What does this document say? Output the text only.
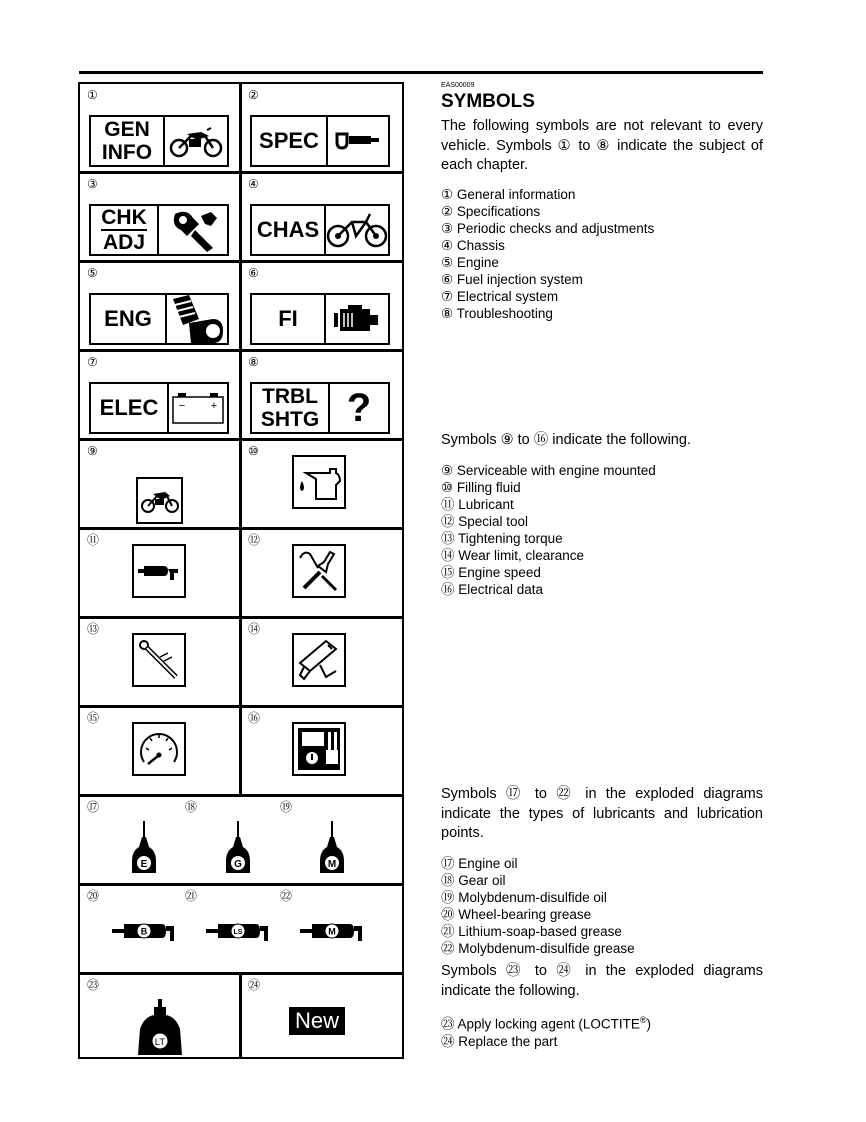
①
GEN
INFO
②
SPEC
③
CHK
ADJ
④
CHAS
⑤
ENG
⑥
FI
⑦
ELEC	− +
⑧
TRBL
SHTG ?
⑨	⑩
⑪	⑫
⑬	⑭
⑮	⑯
⑰	⑱	⑲
E	G	M
⑳	㉑	㉒
B	LS	M
㉓
LT
㉔
New
EAS00009
SYMBOLS
The following symbols are not relevant to every vehicle. Symbols ① to ⑧ indicate the subject of each chapter.
① General information
② Specifications
③ Periodic checks and adjustments
④ Chassis
⑤ Engine
⑥ Fuel injection system
⑦ Electrical system
⑧ Troubleshooting
Symbols ⑨ to ⑯ indicate the following.
⑨ Serviceable with engine mounted
⑩ Filling fluid
⑪ Lubricant
⑫ Special tool
⑬ Tightening torque
⑭ Wear limit, clearance
⑮ Engine speed
⑯ Electrical data
Symbols ⑰ to ㉒ in the exploded diagrams indicate the types of lubricants and lubrication points.
⑰ Engine oil
⑱ Gear oil
⑲ Molybdenum-disulfide oil
⑳ Wheel-bearing grease
㉑ Lithium-soap-based grease
㉒ Molybdenum-disulfide grease
Symbols ㉓ to ㉔ in the exploded diagrams indicate the following.
㉓ Apply locking agent (LOCTITE®)
㉔ Replace the part
